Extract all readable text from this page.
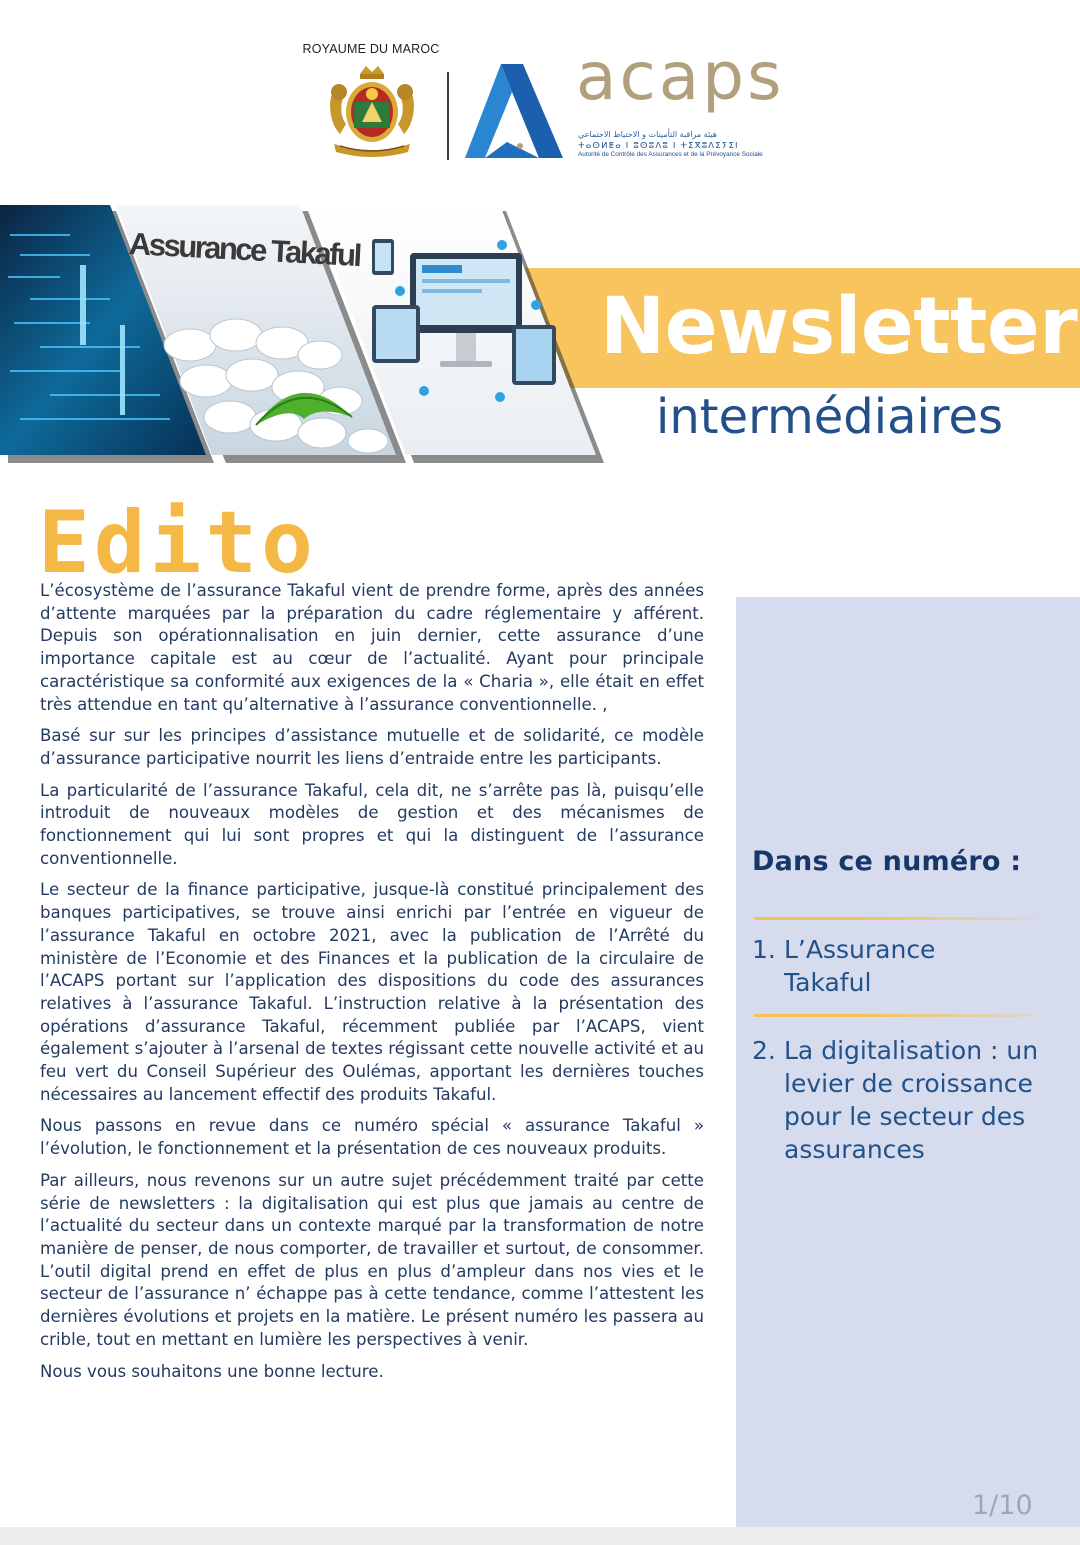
ROYAUME DU MAROC acaps
هيئة مراقبة التأمينات و الاحتياط الاجتماعي
ⵜⴰⵙⵍⵟⴰ ⵏ ⵓⵙⵓⴷⵓ ⵏ ⵜⵉⴳⵓⴷⵉⵢⵉⵏ
Autorité de Contrôle des Assurances et de la Prévoyance Sociale
Assurance Takaful
Newsletter
intermédiaires
Edito

L’écosystème de l’assurance Takaful vient de prendre forme, après des années d’attente marquées par la préparation du cadre réglementaire y afférent. Depuis son opérationnalisation en juin dernier, cette assurance d’une importance capitale est au cœur de l’actualité. Ayant pour principale caractéristique sa conformité aux exigences de la « Charia », elle était en effet très attendue en tant qu’alternative à l’assurance conventionnelle. ,

Basé sur sur les principes d’assistance mutuelle et de solidarité, ce modèle d’assurance participative nourrit les liens d’entraide entre les participants.

La particularité de l’assurance Takaful, cela dit, ne s’arrête pas là, puisqu’elle introduit de nouveaux modèles de gestion et des mécanismes de fonctionnement qui lui sont propres et qui la distinguent de l’assurance conventionnelle.

Le secteur de la finance participative, jusque-là constitué principalement des banques participatives, se trouve ainsi enrichi par l’entrée en vigueur de l’assurance Takaful en octobre 2021, avec la publication de l’Arrêté du ministère de l’Economie et des Finances et la publication de la circulaire de l’ACAPS portant sur l’application des dispositions du code des assurances relatives à l’assurance Takaful. L’instruction relative à la présentation des opérations d’assurance Takaful, récemment publiée par l’ACAPS, vient également s’ajouter à l’arsenal de textes régissant cette nouvelle activité et au feu vert du Conseil Supérieur des Oulémas, apportant les dernières touches nécessaires au lancement effectif des produits Takaful.

Nous passons en revue dans ce numéro spécial « assurance Takaful » l’évolution, le fonctionnement et la présentation de ces nouveaux produits.

Par ailleurs, nous revenons sur un autre sujet précédemment traité par cette série de newsletters : la digitalisation qui est plus que jamais au centre de l’actualité du secteur dans un contexte marqué par la transformation de notre manière de penser, de nous comporter, de travailler et surtout, de consommer. L’outil digital prend en effet de plus en plus d’ampleur dans nos vies et le secteur de l’assurance n’ échappe pas à cette tendance, comme l’attestent les dernières évolutions et projets en la matière. Le présent numéro les passera au crible, tout en mettant en lumière les perspectives à venir.

Nous vous souhaitons une bonne lecture.

Dans ce numéro :
1. L’Assurance Takaful
2. La digitalisation : un levier de croissance pour le secteur des assurances
1/10
